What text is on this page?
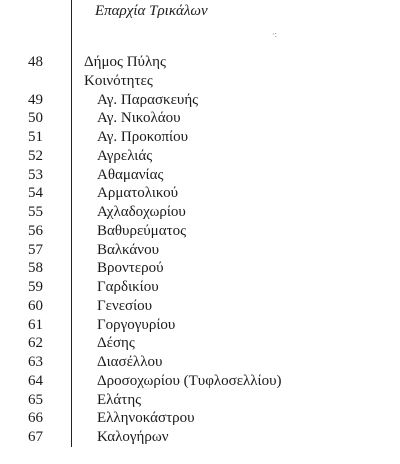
Επαρχία Τρικάλων
·:
48	Δήμος Πύλης
Κοινότητες
49	Αγ. Παρασκευής
50	Αγ. Νικολάου
51	Αγ. Προκοπίου
52	Αγρελιάς
53	Αθαμανίας
54	Αρματολικού
55	Αχλαδοχωρίου
56	Βαθυρεύματος
57	Βαλκάνου
58	Βροντερού
59	Γαρδικίου
60	Γενεσίου
61	Γοργογυρίου
62	Δέσης
63	Διασέλλου
64	Δροσοχωρίου (Τυφλοσελλίου)
65	Ελάτης
66	Ελληνοκάστρου
67	Καλογήρων
